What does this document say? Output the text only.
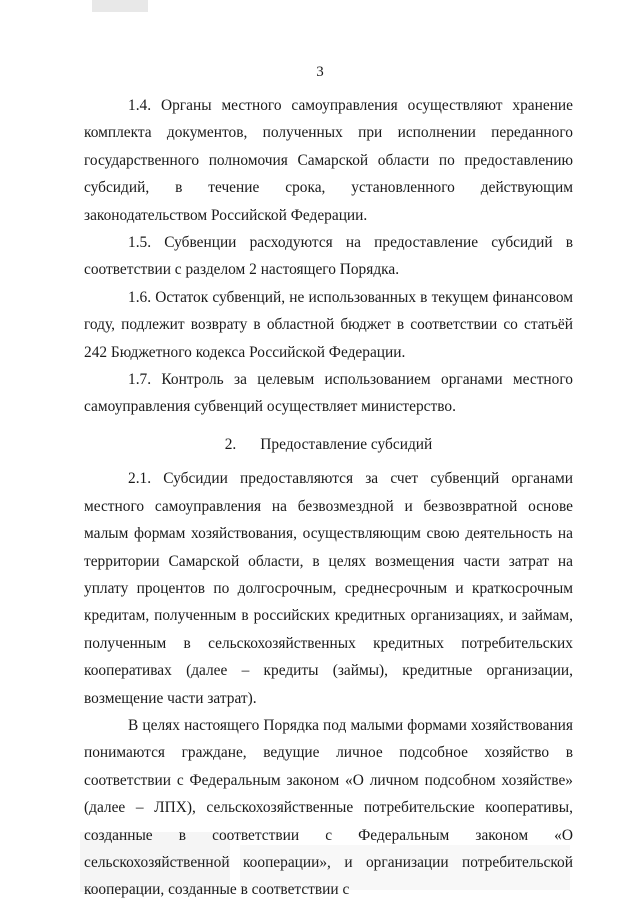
3

1.4. Органы местного самоуправления осуществляют хранение комплекта документов, полученных при исполнении переданного государственного полномочия Самарской области по предоставлению субсидий, в течение срока, установленного действующим законодательством Российской Федерации.

1.5. Субвенции расходуются на предоставление субсидий в соответствии с разделом 2 настоящего Порядка.

1.6. Остаток субвенций, не использованных в текущем финансовом году, подлежит возврату в областной бюджет в соответствии со статьёй 242 Бюджетного кодекса Российской Федерации.

1.7. Контроль за целевым использованием органами местного самоуправления субвенций осуществляет министерство.

2. Предоставление субсидий

2.1. Субсидии предоставляются за счет субвенций органами местного самоуправления на безвозмездной и безвозвратной основе малым формам хозяйствования, осуществляющим свою деятельность на территории Самарской области, в целях возмещения части затрат на уплату процентов по долгосрочным, среднесрочным и краткосрочным кредитам, полученным в российских кредитных организациях, и займам, полученным в сельскохозяйственных кредитных потребительских кооперативах (далее – кредиты (займы), кредитные организации, возмещение части затрат).

В целях настоящего Порядка под малыми формами хозяйствования понимаются граждане, ведущие личное подсобное хозяйство в соответствии с Федеральным законом «О личном подсобном хозяйстве» (далее – ЛПХ), сельскохозяйственные потребительские кооперативы, созданные в соответствии с Федеральным законом «О сельскохозяйственной кооперации», и организации потребительской кооперации, созданные в соответствии с
